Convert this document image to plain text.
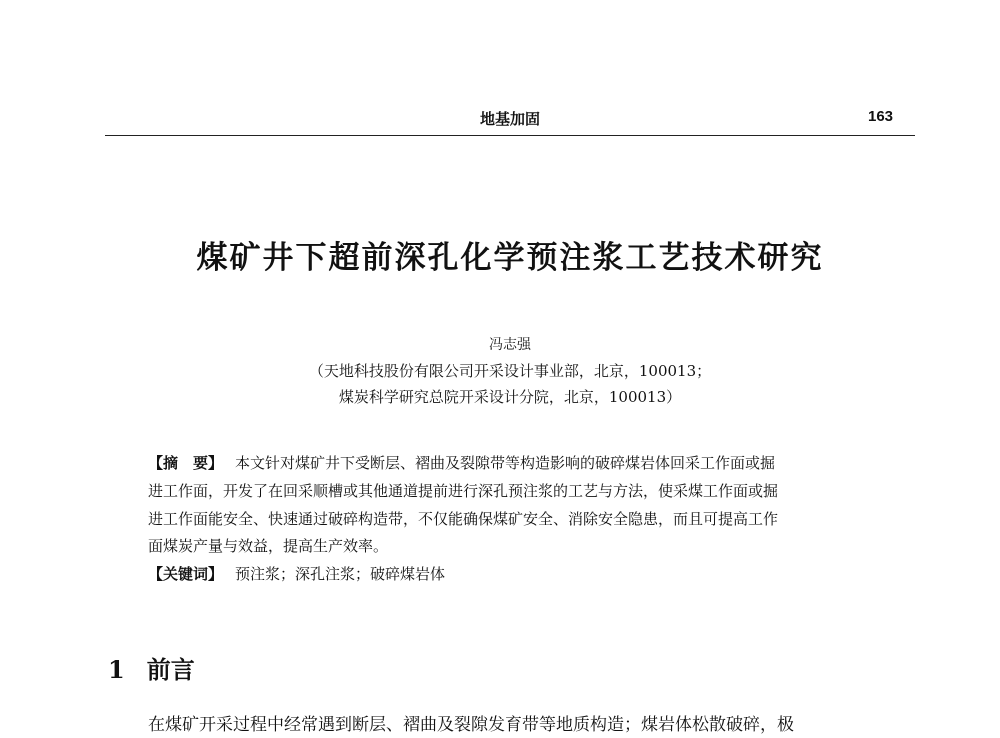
地基加固	163
煤矿井下超前深孔化学预注浆工艺技术研究
冯志强
（天地科技股份有限公司开采设计事业部，北京，100013；
煤炭科学研究总院开采设计分院，北京，100013）
【摘　要】 本文针对煤矿井下受断层、褶曲及裂隙带等构造影响的破碎煤岩体回采工作面或掘
进工作面，开发了在回采顺槽或其他通道提前进行深孔预注浆的工艺与方法，使采煤工作面或掘
进工作面能安全、快速通过破碎构造带，不仅能确保煤矿安全、消除安全隐患，而且可提高工作
面煤炭产量与效益，提高生产效率。
【关键词】 预注浆；深孔注浆；破碎煤岩体
1 前言
在煤矿开采过程中经常遇到断层、褶曲及裂隙发育带等地质构造；煤岩体松散破碎，极
